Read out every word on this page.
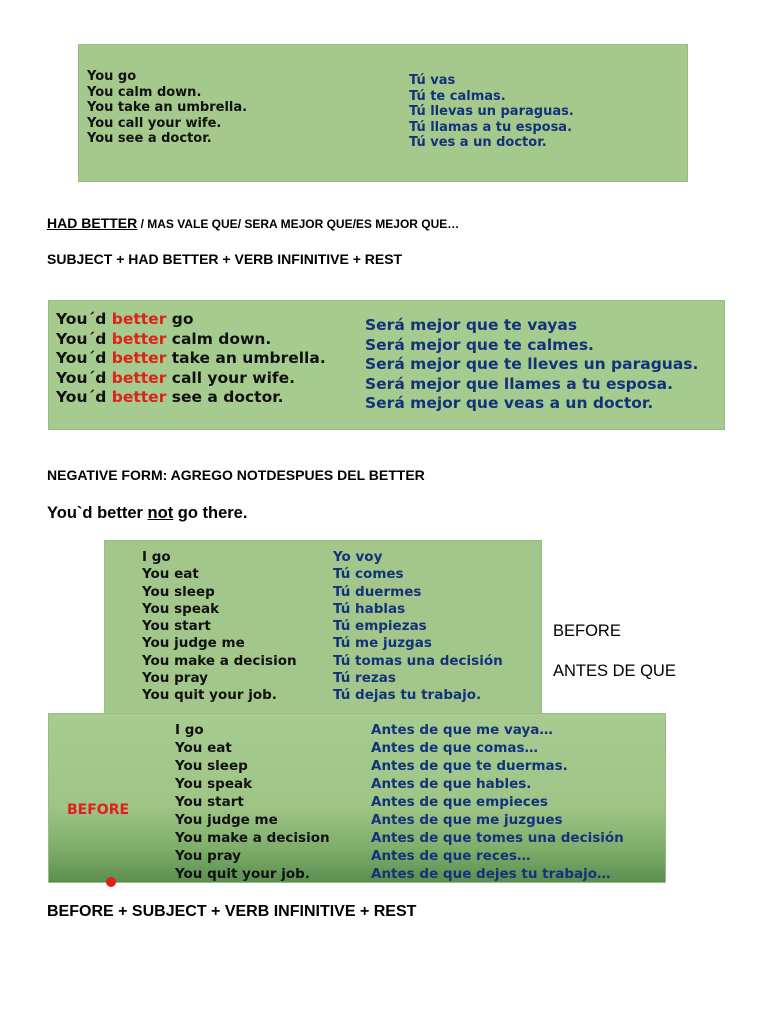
You go
You calm down.
You take an umbrella.
You call your wife.
You see a doctor.
Tú vas
Tú te calmas.
Tú llevas un paraguas.
Tú llamas a tu esposa.
Tú ves a un doctor.
HAD BETTER / MAS VALE QUE/ SERA MEJOR QUE/ES MEJOR QUE…
SUBJECT + HAD BETTER + VERB INFINITIVE + REST
You´d better go
You´d better calm down.
You´d better take an umbrella.
You´d better call your wife.
You´d better see a doctor.
Será mejor que te vayas
Será mejor que te calmes.
Será mejor que te lleves un paraguas.
Será mejor que llames a tu esposa.
Será mejor que veas a un doctor.
NEGATIVE FORM: AGREGO NOTDESPUES DEL BETTER
You`d better not go there.
I go
You eat
You sleep
You speak
You start
You judge me
You make a decision
You pray
You quit your job.
Yo voy
Tú comes
Tú duermes
Tú hablas
Tú empiezas
Tú me juzgas
Tú tomas una decisión
Tú rezas
Tú dejas tu trabajo.
BEFORE
ANTES DE QUE
BEFORE
I go
You eat
You sleep
You speak
You start
You judge me
You make a decision
You pray
You quit your job.
Antes de que me vaya…
Antes de que comas…
Antes de que te duermas.
Antes de que hables.
Antes de que empieces
Antes de que me juzgues
Antes de que tomes una decisión
Antes de que reces…
Antes de que dejes tu trabajo…
BEFORE + SUBJECT + VERB INFINITIVE + REST
